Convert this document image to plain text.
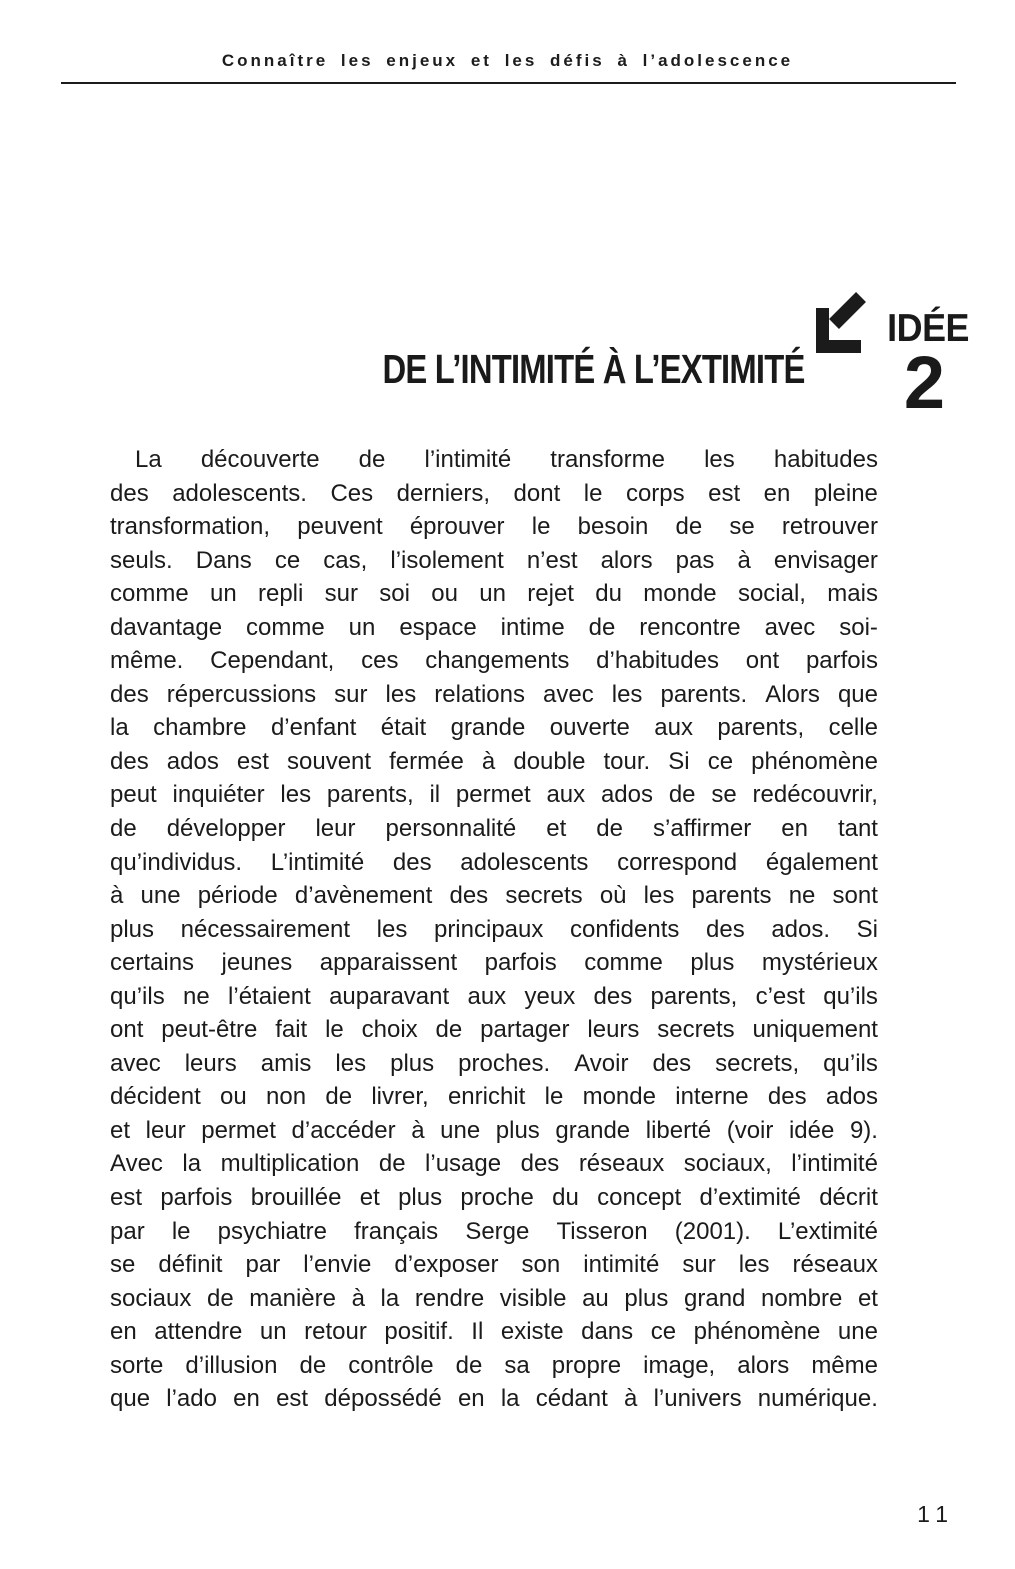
Connaître les enjeux et les défis à l’adolescence
DE L’INTIMITÉ À L’EXTIMITÉ
IDÉE
2
La découverte de l’intimité transforme les habitudes
des adolescents. Ces derniers, dont le corps est en pleine
transformation, peuvent éprouver le besoin de se retrouver
seuls. Dans ce cas, l’isolement n’est alors pas à envisager
comme un repli sur soi ou un rejet du monde social, mais
davantage comme un espace intime de rencontre avec soi-
même. Cependant, ces changements d’habitudes ont parfois
des répercussions sur les relations avec les parents. Alors que
la chambre d’enfant était grande ouverte aux parents, celle
des ados est souvent fermée à double tour. Si ce phénomène
peut inquiéter les parents, il permet aux ados de se redécouvrir,
de développer leur personnalité et de s’affirmer en tant
qu’individus. L’intimité des adolescents correspond également
à une période d’avènement des secrets où les parents ne sont
plus nécessairement les principaux confidents des ados. Si
certains jeunes apparaissent parfois comme plus mystérieux
qu’ils ne l’étaient auparavant aux yeux des parents, c’est qu’ils
ont peut-être fait le choix de partager leurs secrets uniquement
avec leurs amis les plus proches. Avoir des secrets, qu’ils
décident ou non de livrer, enrichit le monde interne des ados
et leur permet d’accéder à une plus grande liberté (voir idée 9).
Avec la multiplication de l’usage des réseaux sociaux, l’intimité
est parfois brouillée et plus proche du concept d’extimité décrit
par le psychiatre français Serge Tisseron (2001). L’extimité
se définit par l’envie d’exposer son intimité sur les réseaux
sociaux de manière à la rendre visible au plus grand nombre et
en attendre un retour positif. Il existe dans ce phénomène une
sorte d’illusion de contrôle de sa propre image, alors même
que l’ado en est dépossédé en la cédant à l’univers numérique.
11
